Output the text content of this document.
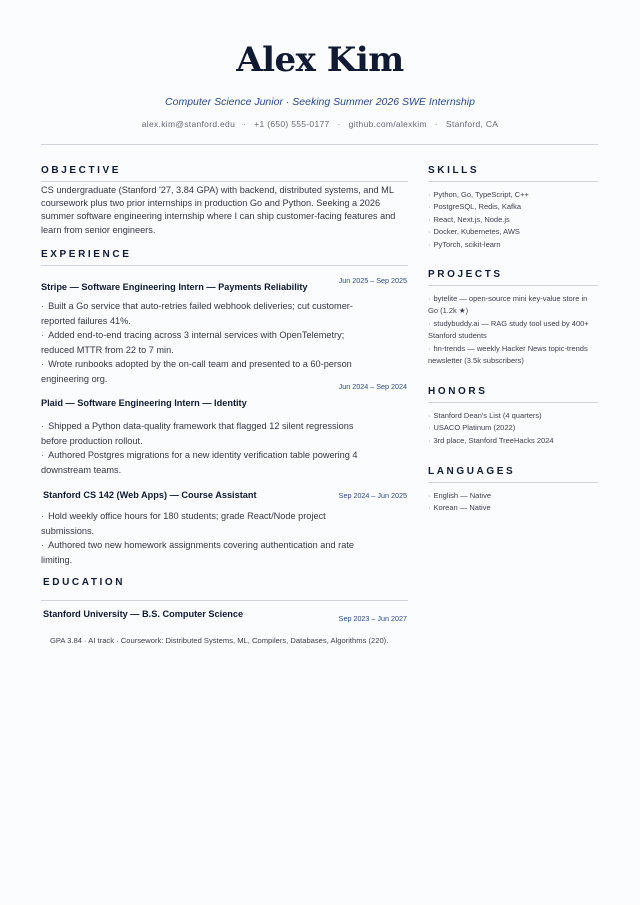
Alex Kim
Computer Science Junior · Seeking Summer 2026 SWE Internship
alex.kim@stanford.edu · +1 (650) 555-0177 · github.com/alexkim · Stanford, CA
OBJECTIVE
CS undergraduate (Stanford '27, 3.84 GPA) with backend, distributed systems, and ML
coursework plus two prior internships in production Go and Python. Seeking a 2026
summer software engineering internship where I can ship customer-facing features and
learn from senior engineers.
EXPERIENCE
Jun 2025 – Sep 2025
Stripe — Software Engineering Intern — Payments Reliability
· Built a Go service that auto-retries failed webhook deliveries; cut customer-
reported failures 41%.
· Added end-to-end tracing across 3 internal services with OpenTelemetry;
reduced MTTR from 22 to 7 min.
· Wrote runbooks adopted by the on-call team and presented to a 60-person
engineering org.
Jun 2024 – Sep 2024
Plaid — Software Engineering Intern — Identity
· Shipped a Python data-quality framework that flagged 12 silent regressions
before production rollout.
· Authored Postgres migrations for a new identity verification table powering 4
downstream teams.
Sep 2024 – Jun 2025
Stanford CS 142 (Web Apps) — Course Assistant
· Hold weekly office hours for 180 students; grade React/Node project
submissions.
· Authored two new homework assignments covering authentication and rate
limiting.
EDUCATION
Stanford University — B.S. Computer Science	Sep 2023 – Jun 2027
GPA 3.84 · AI track · Coursework: Distributed Systems, ML, Compilers, Databases, Algorithms (220).
SKILLS
· Python, Go, TypeScript, C++
· PostgreSQL, Redis, Kafka
· React, Next.js, Node.js
· Docker, Kubernetes, AWS
· PyTorch, scikit-learn
PROJECTS
· bytelite — open-source mini key-value store in
Go (1.2k ★)
· studybuddy.ai — RAG study tool used by 400+
Stanford students
· hn-trends — weekly Hacker News topic-trends
newsletter (3.5k subscribers)
HONORS
· Stanford Dean's List (4 quarters)
· USACO Platinum (2022)
· 3rd place, Stanford TreeHacks 2024
LANGUAGES
· English — Native
· Korean — Native
